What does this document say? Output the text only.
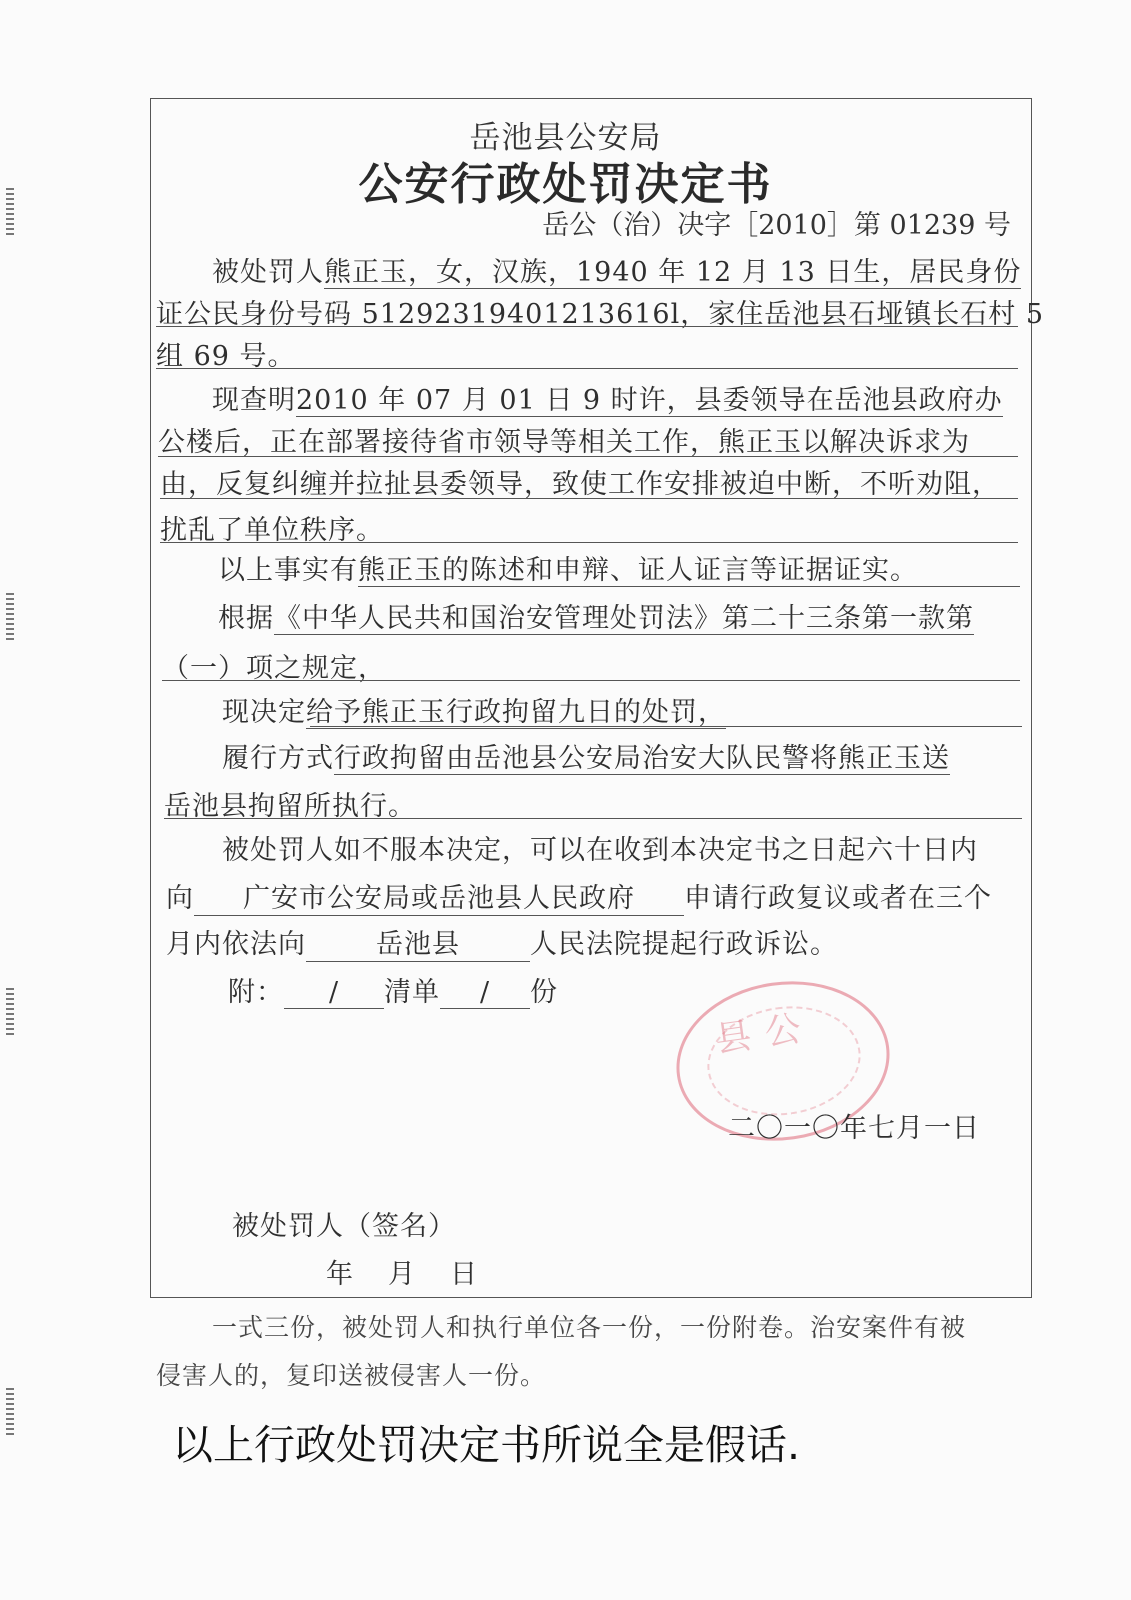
岳池县公安局
公安行政处罚决定书
岳公（治）决字［2010］第 01239 号
被处罚人熊正玉，女，汉族，1940 年 12 月 13 日生，居民身份
证公民身份号码 51292319401213616l，家住岳池县石垭镇长石村 5
组 69 号。
现查明2010 年 07 月 01 日 9 时许，县委领导在岳池县政府办
公楼后，正在部署接待省市领导等相关工作，熊正玉以解决诉求为
由，反复纠缠并拉扯县委领导，致使工作安排被迫中断，不听劝阻，
扰乱了单位秩序。
以上事实有熊正玉的陈述和申辩、证人证言等证据证实。
根据《中华人民共和国治安管理处罚法》第二十三条第一款第
（一）项之规定，
现决定给予熊正玉行政拘留九日的处罚，
履行方式行政拘留由岳池县公安局治安大队民警将熊正玉送
岳池县拘留所执行。
被处罚人如不服本决定，可以在收到本决定书之日起六十日内
向 广安市公安局或岳池县人民政府 申请行政复议或者在三个
月内依法向	岳池县	人民法院提起行政诉讼。
附： / 清单 / 份
县公
二〇一〇年七月一日
被处罚人（签名）
年　月　日
一式三份，被处罚人和执行单位各一份，一份附卷。治安案件有被
侵害人的，复印送被侵害人一份。
以上行政处罚决定书所说全是假话.
